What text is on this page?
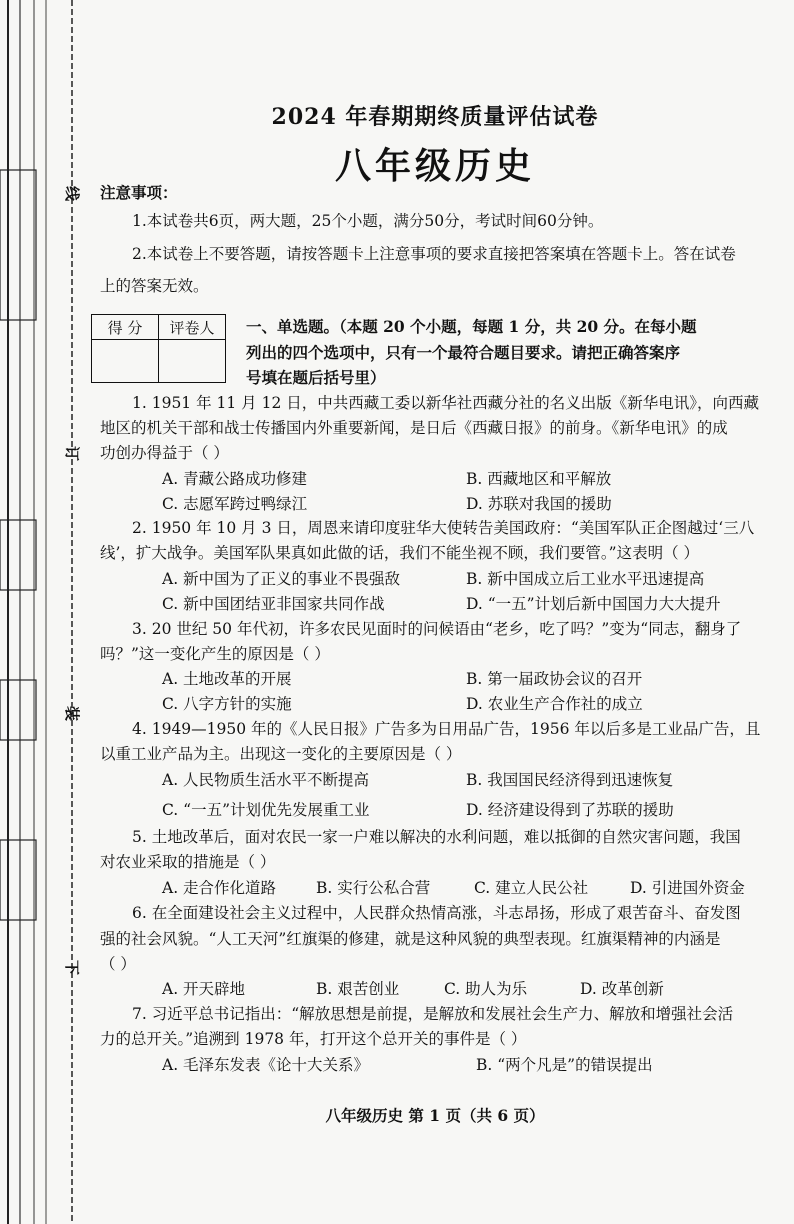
线
订
装
下
2024 年春期期终质量评估试卷
八年级历史
注意事项：
1.本试卷共6页，两大题，25个小题，满分50分，考试时间60分钟。
2.本试卷上不要答题，请按答题卡上注意事项的要求直接把答案填在答题卡上。答在试卷
上的答案无效。
得 分	评卷人
	一、单选题。（本题 20 个小题，每题 1 分，共 20 分。在每小题
列出的四个选项中，只有一个最符合题目要求。请把正确答案序
号填在题后括号里）
1. 1951 年 11 月 12 日，中共西藏工委以新华社西藏分社的名义出版《新华电讯》，向西藏
地区的机关干部和战士传播国内外重要新闻，是日后《西藏日报》的前身。《新华电讯》的成
功创办得益于（ ）
A. 青藏公路成功修建	B. 西藏地区和平解放
C. 志愿军跨过鸭绿江	D. 苏联对我国的援助
2. 1950 年 10 月 3 日，周恩来请印度驻华大使转告美国政府：“美国军队正企图越过‘三八
线’，扩大战争。美国军队果真如此做的话，我们不能坐视不顾，我们要管。”这表明（ ）
A. 新中国为了正义的事业不畏强敌	B. 新中国成立后工业水平迅速提高
C. 新中国团结亚非国家共同作战	D. “一五”计划后新中国国力大大提升
3. 20 世纪 50 年代初，许多农民见面时的问候语由“老乡，吃了吗？”变为“同志，翻身了
吗？”这一变化产生的原因是（ ）
A. 土地改革的开展	B. 第一届政协会议的召开
C. 八字方针的实施	D. 农业生产合作社的成立
4. 1949—1950 年的《人民日报》广告多为日用品广告，1956 年以后多是工业品广告，且
以重工业产品为主。出现这一变化的主要原因是（ ）
A. 人民物质生活水平不断提高	B. 我国国民经济得到迅速恢复
C. “一五”计划优先发展重工业	D. 经济建设得到了苏联的援助
5. 土地改革后，面对农民一家一户难以解决的水利问题，难以抵御的自然灾害问题，我国
对农业采取的措施是（ ）
A. 走合作化道路	B. 实行公私合营	C. 建立人民公社	D. 引进国外资金
6. 在全面建设社会主义过程中，人民群众热情高涨，斗志昂扬，形成了艰苦奋斗、奋发图
强的社会风貌。“人工天河”红旗渠的修建，就是这种风貌的典型表现。红旗渠精神的内涵是
（ ）
A. 开天辟地	B. 艰苦创业	C. 助人为乐	D. 改革创新
7. 习近平总书记指出：“解放思想是前提，是解放和发展社会生产力、解放和增强社会活
力的总开关。”追溯到 1978 年，打开这个总开关的事件是（ ）
A. 毛泽东发表《论十大关系》	B. “两个凡是”的错误提出
八年级历史 第 1 页（共 6 页）
